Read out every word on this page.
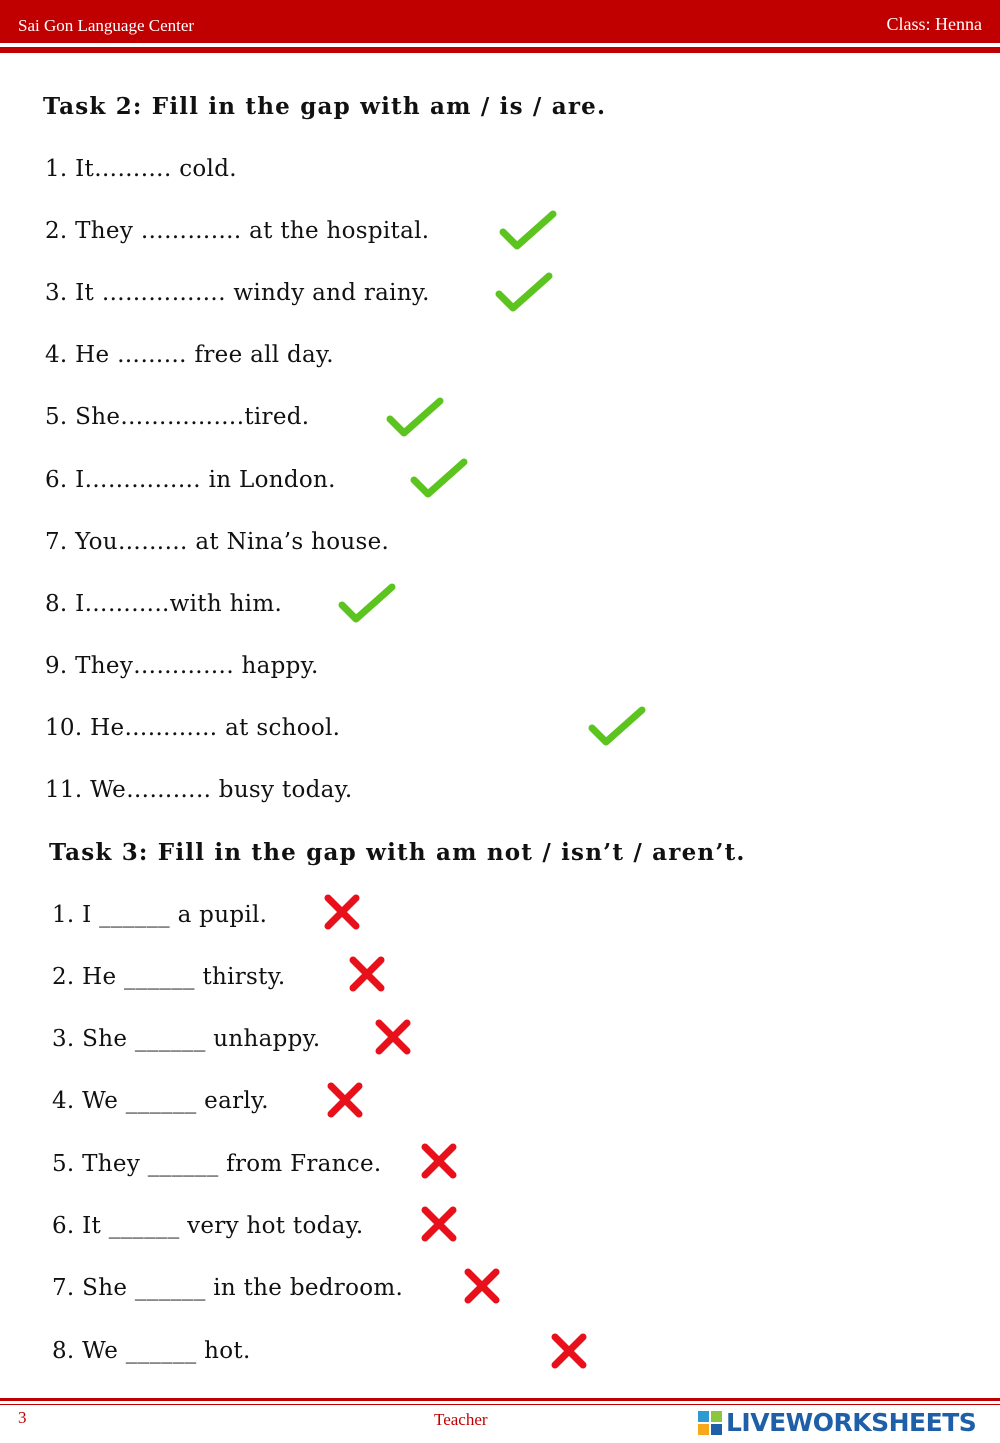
Sai Gon Language Center	Class: Henna
Task 2: Fill in the gap with am / is / are.
1. It………. cold.
2. They …………. at the hospital.
3. It ……………. windy and rainy.
4. He ……… free all day.
5. She…………….tired.
6. I…………… in London.
7. You……… at Nina’s house.
8. I………..with him.
9. They…………. happy.
10. He………… at school.
11. We……….. busy today.
Task 3: Fill in the gap with am not / isn’t / aren’t.
1. I ______ a pupil.
2. He ______ thirsty.
3. She ______ unhappy.
4. We ______ early.
5. They ______ from France.
6. It ______ very hot today.
7. She ______ in the bedroom.
8. We ______ hot.
3	Teacher	LIVEWORKSHEETS
